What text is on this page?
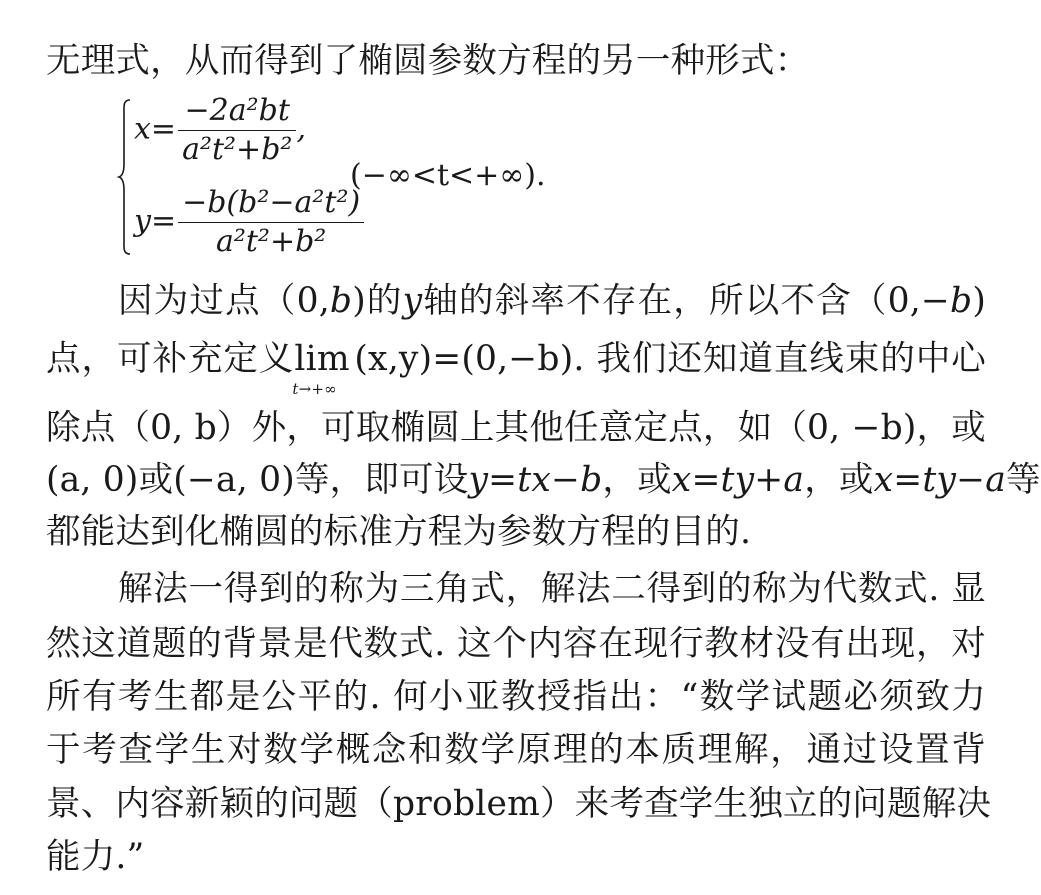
无理式，从而得到了椭圆参数方程的另一种形式：
$x= \frac{\text{−2a²bt}}{\text{a²t²+b²}}$ ,
(−∞<t<+∞).
$y= \frac{\text{−b(b²−a²t²)}}{\text{a²t²+b²}}$
因为过点（0,b)的y轴的斜率不存在，所以不含（0,−b)
点，可补充定义lim
t→+∞
(x,y)=(0,−b). 我们还知道直线束的中心
除点（0, b）外，可取椭圆上其他任意定点，如（0, −b)，或
(a, 0)或(−a, 0)等，即可设y=tx−b，或x=ty+a，或x=ty−a等
都能达到化椭圆的标准方程为参数方程的目的.
解法一得到的称为三角式，解法二得到的称为代数式. 显
然这道题的背景是代数式. 这个内容在现行教材没有出现，对
所有考生都是公平的. 何小亚教授指出：“数学试题必须致力
于考查学生对数学概念和数学原理的本质理解，通过设置背
景、内容新颖的问题（problem）来考查学生独立的问题解决
能力.”
